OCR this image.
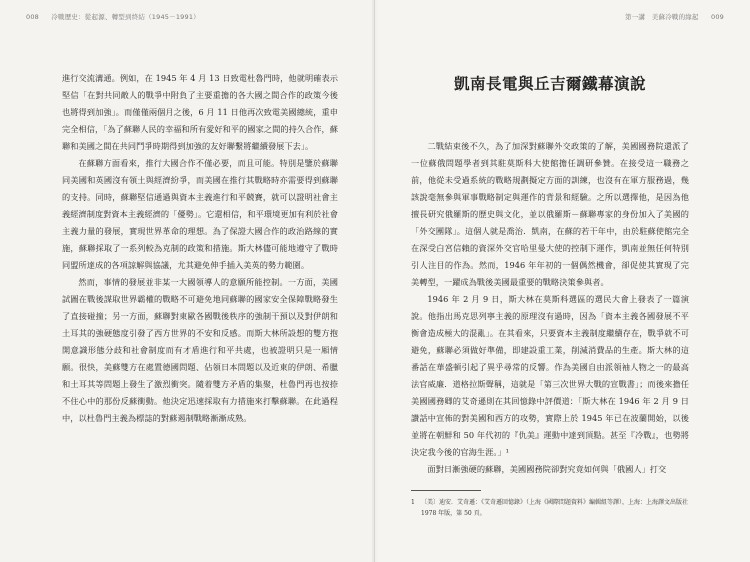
008 冷戰歷史：從起源、轉型到終結（1945－1991）

進行交流溝通。例如，在 1945 年 4 月 13 日致電杜魯門時，他就明確表示堅信「在對共同敵人的戰爭中附負了主要重擔的各大國之間合作的政策今後也將得到加強」。而僅僅兩個月之後，6 月 11 日他再次致電美國總統，重申完全相信，「為了蘇聯人民的幸福和所有愛好和平的國家之間的持久合作，蘇聯和美國之間在共同鬥爭時期得到加強的友好聯繫將繼續發展下去」。

在蘇聯方面看來，推行大國合作不僅必要，而且可能。特別是鑒於蘇聯同美國和英國沒有領土與經濟紛爭，而美國在推行其戰略時亦需要得到蘇聯的支持。同時，蘇聯堅信通過與資本主義進行和平競賽，就可以證明社會主義經濟制度對資本主義經濟的「優勢」。它還相信，和平環境更加有利於社會主義力量的發展，實現世界革命的理想。為了保證大國合作的政治路線的實施，蘇聯採取了一系列較為克制的政策和措施。斯大林儘可能地遵守了戰時同盟所達成的各項諒解與協議，尤其避免伸手插入美英的勢力範圍。

然而，事情的發展並非某一大國領導人的意願所能控制。一方面，美國試圖在戰後謀取世界霸權的戰略不可避免地同蘇聯的國家安全保障戰略發生了直接碰撞；另一方面，蘇聯對東歐各國戰後秩序的強制干預以及對伊朗和土耳其的強硬態度引發了西方世界的不安和反感。而斯大林所設想的雙方抱開意識形態分歧和社會制度而有才盾進行和平共處，也被證明只是一厢情願。很快，美蘇雙方在處置德國問題、佔領日本問題以及近東的伊朗、希臘和土耳其等問題上發生了激烈衝突。隨着雙方矛盾的集聚，杜魯門再也按捺不住心中的那份反蘇衝動。他決定迅速採取有力措施來打擊蘇聯。在此過程中，以杜魯門主義為標誌的對蘇遏制戰略漸漸成熟。

第一講　美蘇冷戰的緣起 009
凱南長電與丘吉爾鐵幕演說

二戰結束後不久，為了加深對蘇聯外交政策的了解，美國國務院還派了一位蘇俄問題學者到其駐莫斯科大使館擔任調研參贊。在接受這一職務之前，他從未受過系統的戰略規劃擬定方面的訓練，也沒有在軍方服務過，幾該說毫無參與軍事戰略制定與運作的背景和經驗。之所以選擇他，是因為他擅長研究俄羅斯的歷史與文化，並以俄羅斯－蘇聯專家的身份加入了美國的「外交團隊」。這個人就是喬治．凱南，在蘇的若干年中，由於駐蘇使館完全在深受白宮信賴的資深外交官哈里曼大使的控制下運作，凱南並無任何特別引人注目的作為。然而，1946 年年初的一個偶然機會，卻促使其實現了完美轉型，一躍成為戰後美國最重要的戰略決策參與者。

1946 年 2 月 9 日，斯大林在莫斯科選區的選民大會上發表了一篇演說。他指出馬克思列寧主義的原理沒有過時，因為「資本主義各國發展不平衡會造成極大的混亂」。在其看來，只要資本主義制度繼續存在，戰爭就不可避免，蘇聯必須做好準備，即建設重工業，削減消費品的生產。斯大林的這番話在華盛頓引起了異乎尋常的反響。作為美國自由派領袖人物之一的最高法官威廉．道格拉斯聲稱，這就是「第三次世界大戰的宣戰書」；而後來擔任美國國務卿的艾奇遜則在其回憶錄中評價道：「斯大林在 1946 年 2 月 9 日讚話中宣佈的對美國和西方的攻勢，實際上於 1945 年已在波蘭開始，以後並將在朝鮮和 50 年代初的『仇美』運動中達到頂點。甚至『冷戰』，也勢將決定我今後的官海生涯。」¹

面對日漸強硬的蘇聯，美國國務院卻對究竟如何與「俄國人」打交

1 〔美〕迪安．艾奇遜：《艾奇遜回憶錄》（上海《國際問題資料》編輯組等譯），上海：上海譯文出版社 1978 年版，第 50 頁。
